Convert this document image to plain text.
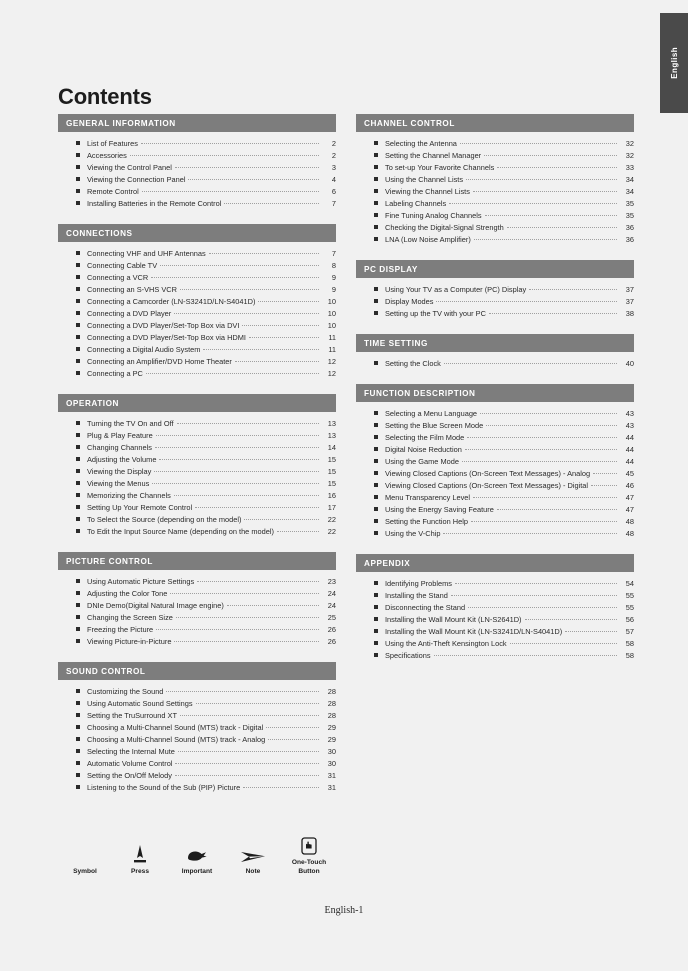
English
Contents
GENERAL INFORMATION
List of Features	2
Accessories	2
Viewing the Control Panel	3
Viewing the Connection Panel	4
Remote Control	6
Installing Batteries in the Remote Control	7
CONNECTIONS
Connecting VHF and UHF Antennas	7
Connecting Cable TV	8
Connecting a VCR	9
Connecting an S-VHS VCR	9
Connecting a Camcorder (LN-S3241D/LN-S4041D)	10
Connecting a DVD Player	10
Connecting a DVD Player/Set-Top Box via DVI	10
Connecting a DVD Player/Set-Top Box via HDMI	11
Connecting a Digital Audio System	11
Connecting an Amplifier/DVD Home Theater	12
Connecting a PC	12
OPERATION
Turning the TV On and Off	13
Plug & Play Feature	13
Changing Channels	14
Adjusting the Volume	15
Viewing the Display	15
Viewing the Menus	15
Memorizing the Channels	16
Setting Up Your Remote Control	17
To Select the Source (depending on the model)	22
To Edit the Input Source Name (depending on the model)	22
PICTURE CONTROL
Using Automatic Picture Settings	23
Adjusting the Color Tone	24
DNIe Demo(Digital Natural Image engine)	24
Changing the Screen Size	25
Freezing the Picture	26
Viewing Picture-in-Picture	26
SOUND CONTROL
Customizing the Sound	28
Using Automatic Sound Settings	28
Setting the TruSurround XT	28
Choosing a Multi-Channel Sound (MTS) track - Digital	29
Choosing a Multi-Channel Sound (MTS) track - Analog	29
Selecting the Internal Mute	30
Automatic Volume Control	30
Setting the On/Off Melody	31
Listening to the Sound of the Sub (PIP) Picture	31
CHANNEL CONTROL
Selecting the Antenna	32
Setting the Channel Manager	32
To set-up Your Favorite Channels	33
Using the Channel Lists	34
Viewing the Channel Lists	34
Labeling Channels	35
Fine Tuning Analog Channels	35
Checking the Digital-Signal Strength	36
LNA (Low Noise Amplifier)	36
PC DISPLAY
Using Your TV as a Computer (PC) Display	37
Display Modes	37
Setting up the TV with your PC	38
TIME SETTING
Setting the Clock	40
FUNCTION DESCRIPTION
Selecting a Menu Language	43
Setting the Blue Screen Mode	43
Selecting the Film Mode	44
Digital Noise Reduction	44
Using the Game Mode	44
Viewing Closed Captions (On-Screen Text Messages) - Analog	45
Viewing Closed Captions (On-Screen Text Messages) - Digital	46
Menu Transparency Level	47
Using the Energy Saving Feature	47
Setting the Function Help	48
Using the V-Chip	48
APPENDIX
Identifying Problems	54
Installing the Stand	55
Disconnecting the Stand	55
Installing the Wall Mount Kit (LN-S2641D)	56
Installing the Wall Mount Kit (LN-S3241D/LN-S4041D)	57
Using the Anti-Theft Kensington Lock	58
Specifications	58
Symbol	Press	Important	Note
One-Touch
Button
English-1
